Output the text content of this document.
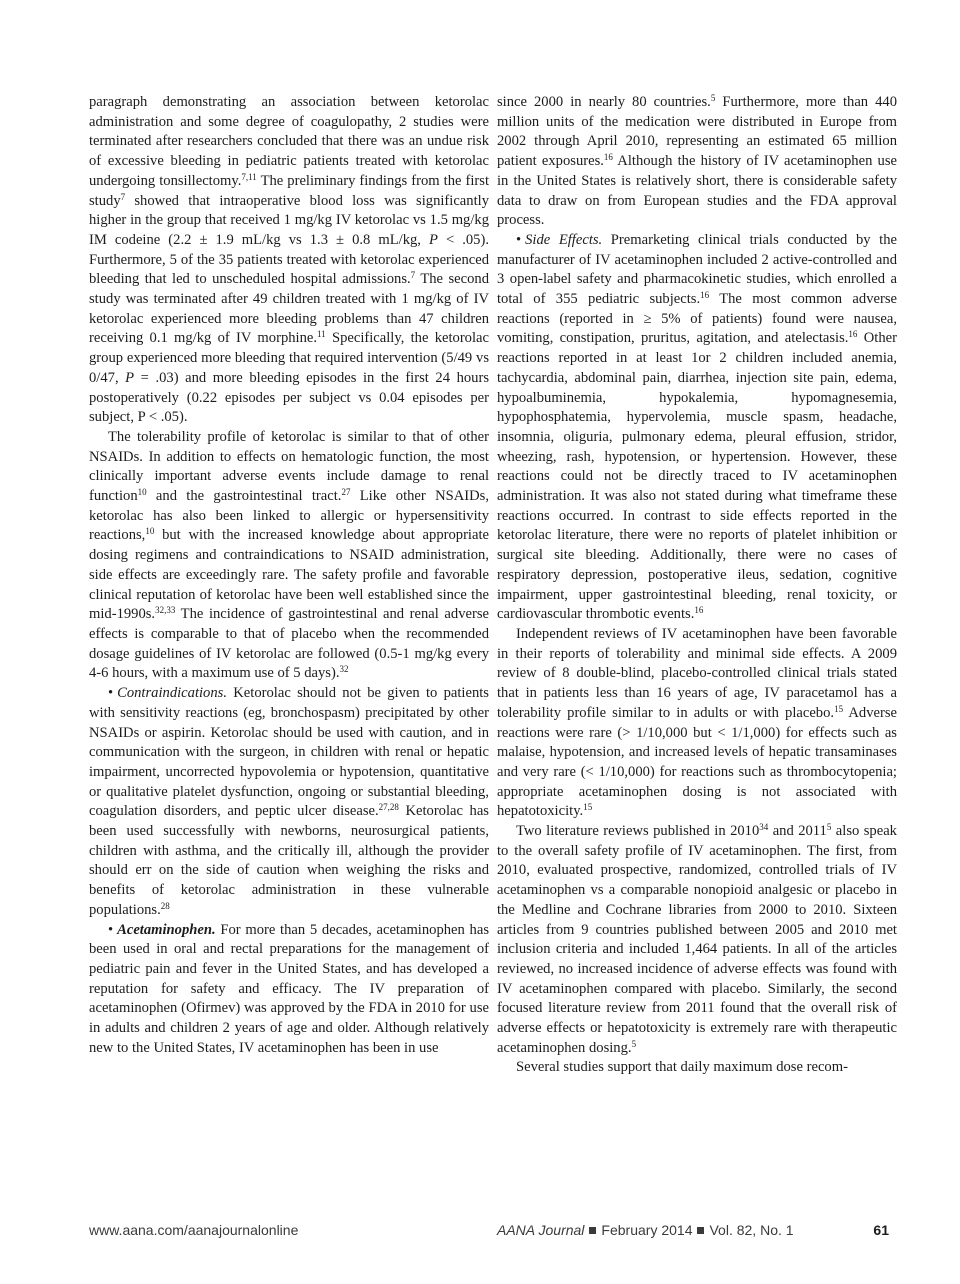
paragraph demonstrating an association between ketorolac administration and some degree of coagulopathy, 2 studies were terminated after researchers concluded that there was an undue risk of excessive bleeding in pediatric patients treated with ketorolac undergoing tonsillectomy.$^{7,11}$ The preliminary findings from the first study$^7$ showed that intraoperative blood loss was significantly higher in the group that received 1 mg/kg IV ketorolac vs 1.5 mg/kg IM codeine (2.2 ± 1.9 mL/kg vs 1.3 ± 0.8 mL/kg, P < .05). Furthermore, 5 of the 35 patients treated with ketorolac experienced bleeding that led to unscheduled hospital admissions.$^7$ The second study was terminated after 49 children treated with 1 mg/kg of IV ketorolac experienced more bleeding problems than 47 children receiving 0.1 mg/kg of IV morphine.$^{11}$ Specifically, the ketorolac group experienced more bleeding that required intervention (5/49 vs 0/47, P = .03) and more bleeding episodes in the first 24 hours postoperatively (0.22 episodes per subject vs 0.04 episodes per subject, P < .05).

The tolerability profile of ketorolac is similar to that of other NSAIDs. In addition to effects on hematologic function, the most clinically important adverse events include damage to renal function$^{10}$ and the gastrointestinal tract.$^{27}$ Like other NSAIDs, ketorolac has also been linked to allergic or hypersensitivity reactions,$^{10}$ but with the increased knowledge about appropriate dosing regimens and contraindications to NSAID administration, side effects are exceedingly rare. The safety profile and favorable clinical reputation of ketorolac have been well established since the mid-1990s.$^{32,33}$ The incidence of gastrointestinal and renal adverse effects is comparable to that of placebo when the recommended dosage guidelines of IV ketorolac are followed (0.5-1 mg/kg every 4-6 hours, with a maximum use of 5 days).$^{32}$

• Contraindications. Ketorolac should not be given to patients with sensitivity reactions (eg, bronchospasm) precipitated by other NSAIDs or aspirin. Ketorolac should be used with caution, and in communication with the surgeon, in children with renal or hepatic impairment, uncorrected hypovolemia or hypotension, quantitative or qualitative platelet dysfunction, ongoing or substantial bleeding, coagulation disorders, and peptic ulcer disease.$^{27,28}$ Ketorolac has been used successfully with newborns, neurosurgical patients, children with asthma, and the critically ill, although the provider should err on the side of caution when weighing the risks and benefits of ketorolac administration in these vulnerable populations.$^{28}$

• Acetaminophen. For more than 5 decades, acetaminophen has been used in oral and rectal preparations for the management of pediatric pain and fever in the United States, and has developed a reputation for safety and efficacy. The IV preparation of acetaminophen (Ofirmev) was approved by the FDA in 2010 for use in adults and children 2 years of age and older. Although relatively new to the United States, IV acetaminophen has been in use

since 2000 in nearly 80 countries.$^5$ Furthermore, more than 440 million units of the medication were distributed in Europe from 2002 through April 2010, representing an estimated 65 million patient exposures.$^{16}$ Although the history of IV acetaminophen use in the United States is relatively short, there is considerable safety data to draw on from European studies and the FDA approval process.

• Side Effects. Premarketing clinical trials conducted by the manufacturer of IV acetaminophen included 2 active-controlled and 3 open-label safety and pharmacokinetic studies, which enrolled a total of 355 pediatric subjects.$^{16}$ The most common adverse reactions (reported in ≥ 5% of patients) found were nausea, vomiting, constipation, pruritus, agitation, and atelectasis.$^{16}$ Other reactions reported in at least 1or 2 children included anemia, tachycardia, abdominal pain, diarrhea, injection site pain, edema, hypoalbuminemia, hypokalemia, hypomagnesemia, hypophosphatemia, hypervolemia, muscle spasm, headache, insomnia, oliguria, pulmonary edema, pleural effusion, stridor, wheezing, rash, hypotension, or hypertension. However, these reactions could not be directly traced to IV acetaminophen administration. It was also not stated during what timeframe these reactions occurred. In contrast to side effects reported in the ketorolac literature, there were no reports of platelet inhibition or surgical site bleeding. Additionally, there were no cases of respiratory depression, postoperative ileus, sedation, cognitive impairment, upper gastrointestinal bleeding, renal toxicity, or cardiovascular thrombotic events.$^{16}$

Independent reviews of IV acetaminophen have been favorable in their reports of tolerability and minimal side effects. A 2009 review of 8 double-blind, placebo-controlled clinical trials stated that in patients less than 16 years of age, IV paracetamol has a tolerability profile similar to in adults or with placebo.$^{15}$ Adverse reactions were rare (> 1/10,000 but < 1/1,000) for effects such as malaise, hypotension, and increased levels of hepatic transaminases and very rare (< 1/10,000) for reactions such as thrombocytopenia; appropriate acetaminophen dosing is not associated with hepatotoxicity.$^{15}$

Two literature reviews published in 2010$^{34}$ and 2011$^5$ also speak to the overall safety profile of IV acetaminophen. The first, from 2010, evaluated prospective, randomized, controlled trials of IV acetaminophen vs a comparable nonopioid analgesic or placebo in the Medline and Cochrane libraries from 2000 to 2010. Sixteen articles from 9 countries published between 2005 and 2010 met inclusion criteria and included 1,464 patients. In all of the articles reviewed, no increased incidence of adverse effects was found with IV acetaminophen compared with placebo. Similarly, the second focused literature review from 2011 found that the overall risk of adverse effects or hepatotoxicity is extremely rare with therapeutic acetaminophen dosing.$^5$

Several studies support that daily maximum dose recom-

www.aana.com/aanajournalonline	AANA Journal February 2014 Vol. 82, No. 1	61
